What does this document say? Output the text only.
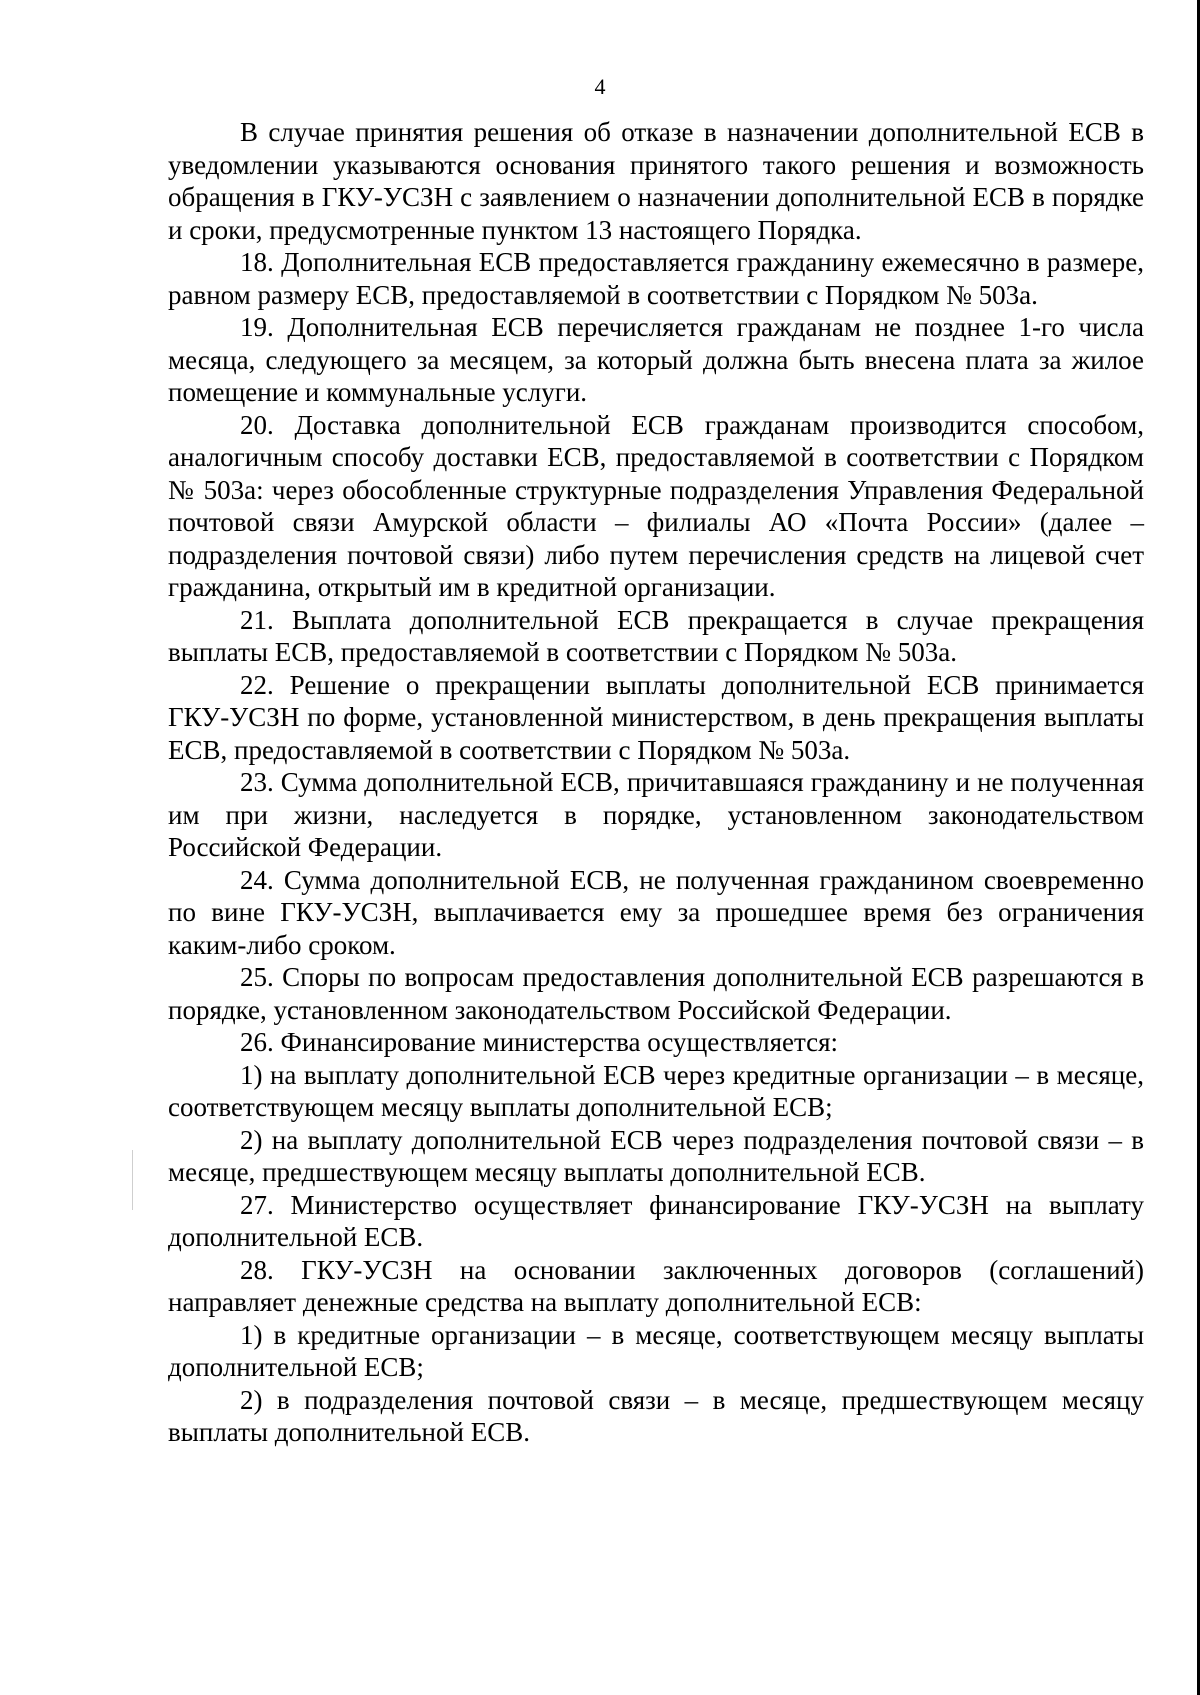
4

В случае принятия решения об отказе в назначении дополнительной ЕСВ в уведомлении указываются основания принятого такого решения и возможность обращения в ГКУ-УСЗН с заявлением о назначении дополнительной ЕСВ в порядке и сроки, предусмотренные пунктом 13 настоящего Порядка.

18. Дополнительная ЕСВ предоставляется гражданину ежемесячно в размере, равном размеру ЕСВ, предоставляемой в соответствии с Порядком № 503а.

19. Дополнительная ЕСВ перечисляется гражданам не позднее 1-го числа месяца, следующего за месяцем, за который должна быть внесена плата за жилое помещение и коммунальные услуги.

20. Доставка дополнительной ЕСВ гражданам производится способом, аналогичным способу доставки ЕСВ, предоставляемой в соответствии с Порядком № 503а: через обособленные структурные подразделения Управления Федеральной почтовой связи Амурской области – филиалы АО «Почта России» (далее – подразделения почтовой связи) либо путем перечисления средств на лицевой счет гражданина, открытый им в кредитной организации.

21. Выплата дополнительной ЕСВ прекращается в случае прекращения выплаты ЕСВ, предоставляемой в соответствии с Порядком № 503а.

22. Решение о прекращении выплаты дополнительной ЕСВ принимается ГКУ-УСЗН по форме, установленной министерством, в день прекращения выплаты ЕСВ, предоставляемой в соответствии с Порядком № 503а.

23. Сумма дополнительной ЕСВ, причитавшаяся гражданину и не полученная им при жизни, наследуется в порядке, установленном законодательством Российской Федерации.

24. Сумма дополнительной ЕСВ, не полученная гражданином своевременно по вине ГКУ-УСЗН, выплачивается ему за прошедшее время без ограничения каким-либо сроком.

25. Споры по вопросам предоставления дополнительной ЕСВ разрешаются в порядке, установленном законодательством Российской Федерации.

26. Финансирование министерства осуществляется:

1) на выплату дополнительной ЕСВ через кредитные организации – в месяце, соответствующем месяцу выплаты дополнительной ЕСВ;

2) на выплату дополнительной ЕСВ через подразделения почтовой связи – в месяце, предшествующем месяцу выплаты дополнительной ЕСВ.

27. Министерство осуществляет финансирование ГКУ-УСЗН на выплату дополнительной ЕСВ.

28. ГКУ-УСЗН на основании заключенных договоров (соглашений) направляет денежные средства на выплату дополнительной ЕСВ:

1) в кредитные организации – в месяце, соответствующем месяцу выплаты дополнительной ЕСВ;

2) в подразделения почтовой связи – в месяце, предшествующем месяцу выплаты дополнительной ЕСВ.
